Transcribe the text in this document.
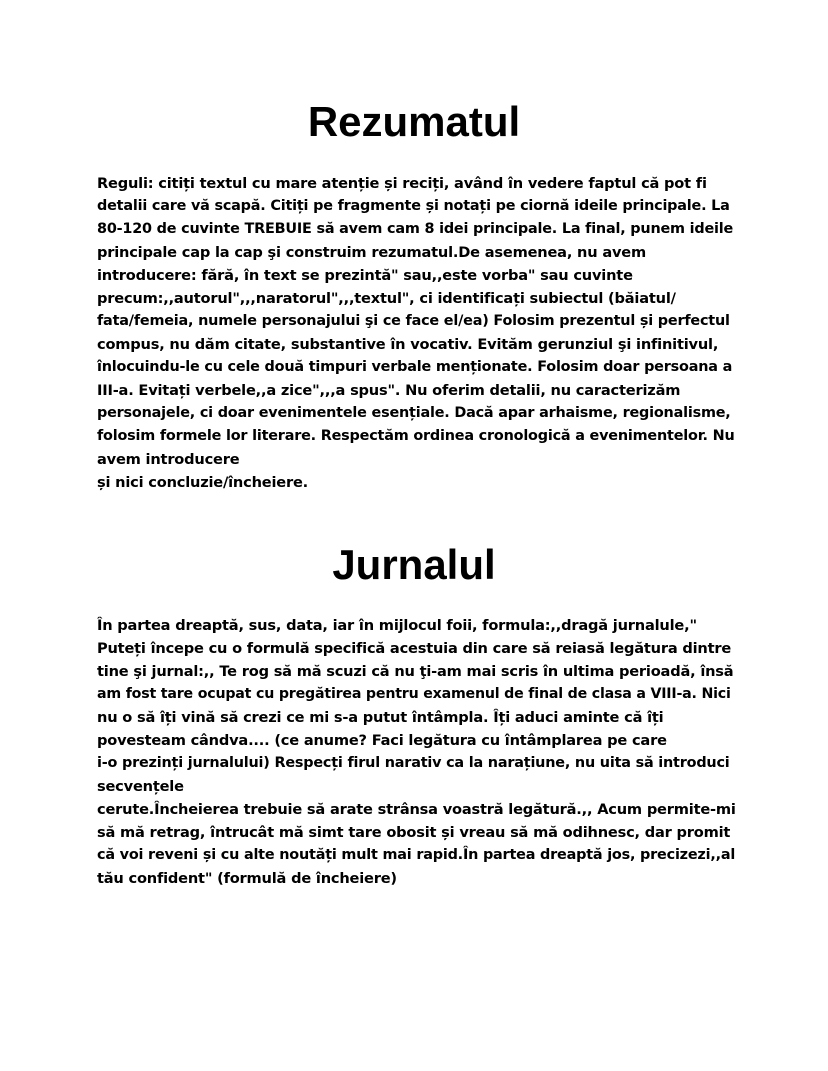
Rezumatul
Reguli: citiți textul cu mare atenție și reciți, având în vedere faptul că pot fi
detalii care vă scapă. Citiți pe fragmente și notați pe ciornă ideile principale. La
80-120 de cuvinte TREBUIE să avem cam 8 idei principale. La final, punem ideile
principale cap la cap şi construim rezumatul.De asemenea, nu avem
introducere: fără, în text se prezintă" sau,,este vorba" sau cuvinte
precum:,,autorul",,,naratorul",,,textul", ci identificați subiectul (băiatul/
fata/femeia, numele personajului şi ce face el/ea) Folosim prezentul și perfectul
compus, nu dăm citate, substantive în vocativ. Evităm gerunziul şi infinitivul,
înlocuindu-le cu cele două timpuri verbale menționate. Folosim doar persoana a
III-a. Evitați verbele,,a zice",,,a spus". Nu oferim detalii, nu caracterizăm
personajele, ci doar evenimentele esențiale. Dacă apar arhaisme, regionalisme,
folosim formele lor literare. Respectăm ordinea cronologică a evenimentelor. Nu
avem introducere
și nici concluzie/încheiere.
Jurnalul
În partea dreaptă, sus, data, iar în mijlocul foii, formula:,,dragă jurnalule,"
Puteți începe cu o formulă specifică acestuia din care să reiasă legătura dintre
tine şi jurnal:,, Te rog să mă scuzi că nu ţi-am mai scris în ultima perioadă, însă
am fost tare ocupat cu pregătirea pentru examenul de final de clasa a VIII-a. Nici
nu o să îți vină să crezi ce mi s-a putut întâmpla. Îți aduci aminte că îți
povesteam cândva.... (ce anume? Faci legătura cu întâmplarea pe care
i-o prezinți jurnalului) Respecți firul narativ ca la narațiune, nu uita să introduci
secvențele
cerute.Încheierea trebuie să arate strânsa voastră legătură.,, Acum permite-mi
să mă retrag, întrucât mă simt tare obosit și vreau să mă odihnesc, dar promit
că voi reveni și cu alte noutăți mult mai rapid.În partea dreaptă jos, precizezi,,al
tău confident" (formulă de încheiere)
